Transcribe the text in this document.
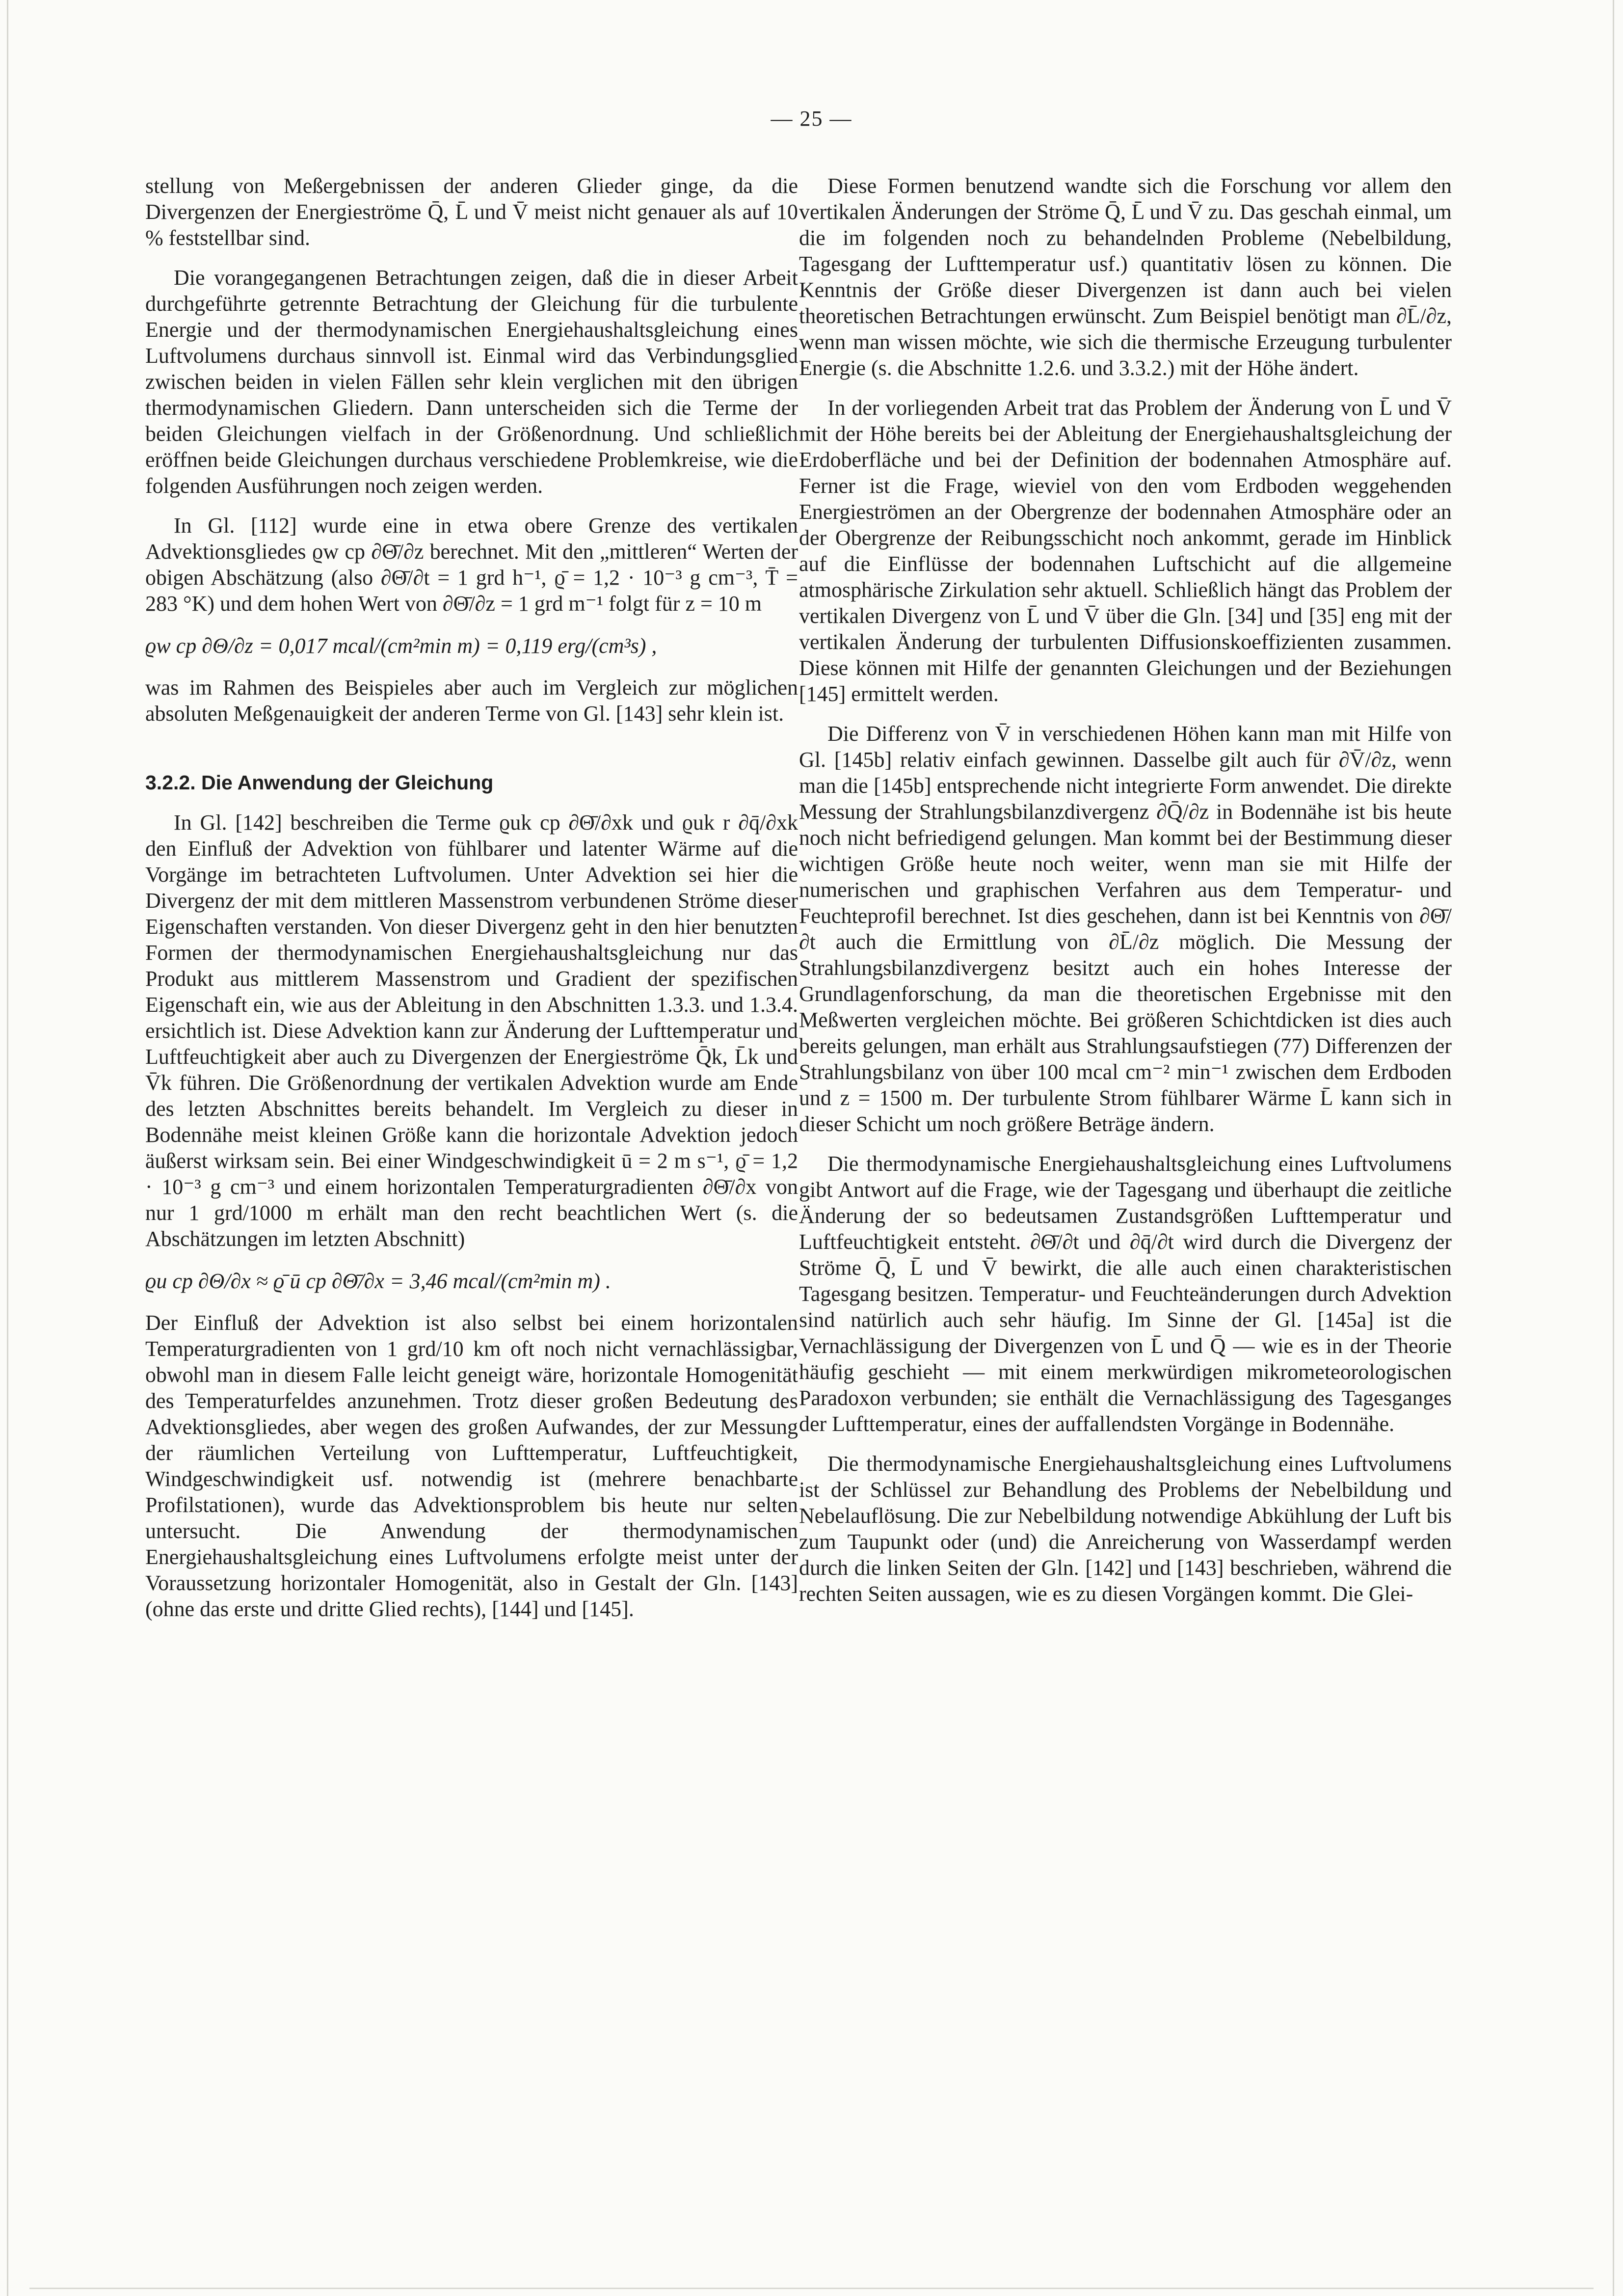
— 25 —

stellung von Meßergebnissen der anderen Glieder ginge, da die Divergenzen der Energieströme Q̄, L̄ und V̄ meist nicht genauer als auf 10 % feststellbar sind.

Die vorangegangenen Betrachtungen zeigen, daß die in dieser Arbeit durchgeführte getrennte Betrachtung der Gleichung für die turbulente Energie und der thermodynamischen Energiehaushaltsgleichung eines Luftvolumens durchaus sinnvoll ist. Einmal wird das Verbindungsglied zwischen beiden in vielen Fällen sehr klein verglichen mit den übrigen thermodynamischen Gliedern. Dann unterscheiden sich die Terme der beiden Gleichungen vielfach in der Größenordnung. Und schließlich eröffnen beide Gleichungen durchaus verschiedene Problemkreise, wie die folgenden Ausführungen noch zeigen werden.

In Gl. [112] wurde eine in etwa obere Grenze des vertikalen Advektionsgliedes ϱw cp ∂Θ̄/∂z berechnet. Mit den „mittleren“ Werten der obigen Abschätzung (also ∂Θ̄/∂t = 1 grd h⁻¹, ϱ̄ = 1,2 · 10⁻³ g cm⁻³, T̄ = 283 °K) und dem hohen Wert von ∂Θ̄/∂z = 1 grd m⁻¹ folgt für z = 10 m

ϱw cp ∂Θ/∂z = 0,017 mcal/(cm²min m) = 0,119 erg/(cm³s) ,

was im Rahmen des Beispieles aber auch im Vergleich zur möglichen absoluten Meßgenauigkeit der anderen Terme von Gl. [143] sehr klein ist.

3.2.2. Die Anwendung der Gleichung

In Gl. [142] beschreiben die Terme ϱuk cp ∂Θ̄/∂xk und ϱuk r ∂q̄/∂xk den Einfluß der Advektion von fühlbarer und latenter Wärme auf die Vorgänge im betrachteten Luftvolumen. Unter Advektion sei hier die Divergenz der mit dem mittleren Massenstrom verbundenen Ströme dieser Eigenschaften verstanden. Von dieser Divergenz geht in den hier benutzten Formen der thermodynamischen Energiehaushaltsgleichung nur das Produkt aus mittlerem Massenstrom und Gradient der spezifischen Eigenschaft ein, wie aus der Ableitung in den Abschnitten 1.3.3. und 1.3.4. ersichtlich ist. Diese Advektion kann zur Änderung der Lufttemperatur und Luftfeuchtigkeit aber auch zu Divergenzen der Energieströme Q̄k, L̄k und V̄k führen. Die Größenordnung der vertikalen Advektion wurde am Ende des letzten Abschnittes bereits behandelt. Im Vergleich zu dieser in Bodennähe meist kleinen Größe kann die horizontale Advektion jedoch äußerst wirksam sein. Bei einer Windgeschwindigkeit ū = 2 m s⁻¹, ϱ̄ = 1,2 · 10⁻³ g cm⁻³ und einem horizontalen Temperaturgradienten ∂Θ̄/∂x von nur 1 grd/1000 m erhält man den recht beachtlichen Wert (s. die Abschätzungen im letzten Abschnitt)

ϱu cp ∂Θ/∂x ≈ ϱ̄ ū cp ∂Θ̄/∂x = 3,46 mcal/(cm²min m) .

Der Einfluß der Advektion ist also selbst bei einem horizontalen Temperaturgradienten von 1 grd/10 km oft noch nicht vernachlässigbar, obwohl man in diesem Falle leicht geneigt wäre, horizontale Homogenität des Temperaturfeldes anzunehmen. Trotz dieser großen Bedeutung des Advektionsgliedes, aber wegen des großen Aufwandes, der zur Messung der räumlichen Verteilung von Lufttemperatur, Luftfeuchtigkeit, Windgeschwindigkeit usf. notwendig ist (mehrere benachbarte Profilstationen), wurde das Advektionsproblem bis heute nur selten untersucht. Die Anwendung der thermodynamischen Energiehaushaltsgleichung eines Luftvolumens erfolgte meist unter der Voraussetzung horizontaler Homogenität, also in Gestalt der Gln. [143] (ohne das erste und dritte Glied rechts), [144] und [145].

Diese Formen benutzend wandte sich die Forschung vor allem den vertikalen Änderungen der Ströme Q̄, L̄ und V̄ zu. Das geschah einmal, um die im folgenden noch zu behandelnden Probleme (Nebelbildung, Tagesgang der Lufttemperatur usf.) quantitativ lösen zu können. Die Kenntnis der Größe dieser Divergenzen ist dann auch bei vielen theoretischen Betrachtungen erwünscht. Zum Beispiel benötigt man ∂L̄/∂z, wenn man wissen möchte, wie sich die thermische Erzeugung turbulenter Energie (s. die Abschnitte 1.2.6. und 3.3.2.) mit der Höhe ändert.

In der vorliegenden Arbeit trat das Problem der Änderung von L̄ und V̄ mit der Höhe bereits bei der Ableitung der Energiehaushaltsgleichung der Erdoberfläche und bei der Definition der bodennahen Atmosphäre auf. Ferner ist die Frage, wieviel von den vom Erdboden weggehenden Energieströmen an der Obergrenze der bodennahen Atmosphäre oder an der Obergrenze der Reibungsschicht noch ankommt, gerade im Hinblick auf die Einflüsse der bodennahen Luftschicht auf die allgemeine atmosphärische Zirkulation sehr aktuell. Schließlich hängt das Problem der vertikalen Divergenz von L̄ und V̄ über die Gln. [34] und [35] eng mit der vertikalen Änderung der turbulenten Diffusionskoeffizienten zusammen. Diese können mit Hilfe der genannten Gleichungen und der Beziehungen [145] ermittelt werden.

Die Differenz von V̄ in verschiedenen Höhen kann man mit Hilfe von Gl. [145b] relativ einfach gewinnen. Dasselbe gilt auch für ∂V̄/∂z, wenn man die [145b] entsprechende nicht integrierte Form anwendet. Die direkte Messung der Strahlungsbilanzdivergenz ∂Q̄/∂z in Bodennähe ist bis heute noch nicht befriedigend gelungen. Man kommt bei der Bestimmung dieser wichtigen Größe heute noch weiter, wenn man sie mit Hilfe der numerischen und graphischen Verfahren aus dem Temperatur- und Feuchteprofil berechnet. Ist dies geschehen, dann ist bei Kenntnis von ∂Θ̄/∂t auch die Ermittlung von ∂L̄/∂z möglich. Die Messung der Strahlungsbilanzdivergenz besitzt auch ein hohes Interesse der Grundlagenforschung, da man die theoretischen Ergebnisse mit den Meßwerten vergleichen möchte. Bei größeren Schichtdicken ist dies auch bereits gelungen, man erhält aus Strahlungsaufstiegen (77) Differenzen der Strahlungsbilanz von über 100 mcal cm⁻² min⁻¹ zwischen dem Erdboden und z = 1500 m. Der turbulente Strom fühlbarer Wärme L̄ kann sich in dieser Schicht um noch größere Beträge ändern.

Die thermodynamische Energiehaushaltsgleichung eines Luftvolumens gibt Antwort auf die Frage, wie der Tagesgang und überhaupt die zeitliche Änderung der so bedeutsamen Zustandsgrößen Lufttemperatur und Luftfeuchtigkeit entsteht. ∂Θ̄/∂t und ∂q̄/∂t wird durch die Divergenz der Ströme Q̄, L̄ und V̄ bewirkt, die alle auch einen charakteristischen Tagesgang besitzen. Temperatur- und Feuchteänderungen durch Advektion sind natürlich auch sehr häufig. Im Sinne der Gl. [145a] ist die Vernachlässigung der Divergenzen von L̄ und Q̄ — wie es in der Theorie häufig geschieht — mit einem merkwürdigen mikrometeorologischen Paradoxon verbunden; sie enthält die Vernachlässigung des Tagesganges der Lufttemperatur, eines der auffallendsten Vorgänge in Bodennähe.

Die thermodynamische Energiehaushaltsgleichung eines Luftvolumens ist der Schlüssel zur Behandlung des Problems der Nebelbildung und Nebelauflösung. Die zur Nebelbildung notwendige Abkühlung der Luft bis zum Taupunkt oder (und) die Anreicherung von Wasserdampf werden durch die linken Seiten der Gln. [142] und [143] beschrieben, während die rechten Seiten aussagen, wie es zu diesen Vorgängen kommt. Die Glei-
